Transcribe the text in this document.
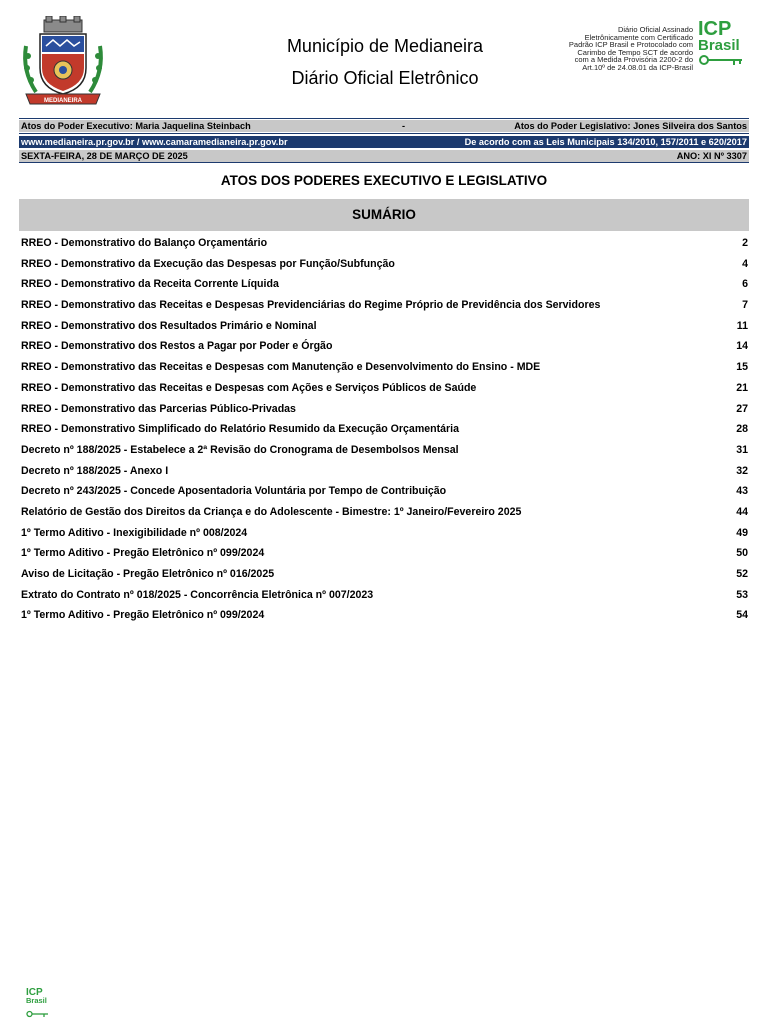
MEDIANEIRA
Município de Medianeira
Diário Oficial Eletrônico
Diário Oficial Assinado
Eletrônicamente com Certificado
Padrão ICP Brasil e Protocolado com
Carimbo de Tempo SCT de acordo
com a Medida Provisória 2200-2 do
Art.10º de 24.08.01 da ICP-Brasil
ICP
Brasil
Atos do Poder Executivo: Maria Jaquelina Steinbach	-	Atos do Poder Legislativo: Jones Silveira dos Santos
www.medianeira.pr.gov.br / www.camaramedianeira.pr.gov.br	De acordo com as Leis Municipais 134/2010, 157/2011 e 620/2017
SEXTA-FEIRA, 28 DE MARÇO DE 2025	ANO: XI Nº 3307
ATOS DOS PODERES EXECUTIVO E LEGISLATIVO
SUMÁRIO
RREO - Demonstrativo do Balanço Orçamentário	2
RREO - Demonstrativo da Execução das Despesas por Função/Subfunção	4
RREO - Demonstrativo da Receita Corrente Líquida	6
RREO - Demonstrativo das Receitas e Despesas Previdenciárias do Regime Próprio de Previdência dos Servidores	7
RREO - Demonstrativo dos Resultados Primário e Nominal	11
RREO - Demonstrativo dos Restos a Pagar por Poder e Órgão	14
RREO - Demonstrativo das Receitas e Despesas com Manutenção e Desenvolvimento do Ensino - MDE	15
RREO - Demonstrativo das Receitas e Despesas com Ações e Serviços Públicos de Saúde	21
RREO - Demonstrativo das Parcerias Público-Privadas	27
RREO - Demonstrativo Simplificado do Relatório Resumido da Execução Orçamentária	28
Decreto nº 188/2025 - Estabelece a 2ª Revisão do Cronograma de Desembolsos Mensal	31
Decreto nº 188/2025 - Anexo I	32
Decreto nº 243/2025 - Concede Aposentadoria Voluntária por Tempo de Contribuição	43
Relatório de Gestão dos Direitos da Criança e do Adolescente - Bimestre: 1º Janeiro/Fevereiro 2025	44
1º Termo Aditivo - Inexigibilidade nº 008/2024	49
1º Termo Aditivo - Pregão Eletrônico nº 099/2024	50
Aviso de Licitação - Pregão Eletrônico nº 016/2025	52
Extrato do Contrato nº 018/2025 - Concorrência Eletrônica nº 007/2023	53
1º Termo Aditivo - Pregão Eletrônico nº 099/2024	54
ICP
Brasil
